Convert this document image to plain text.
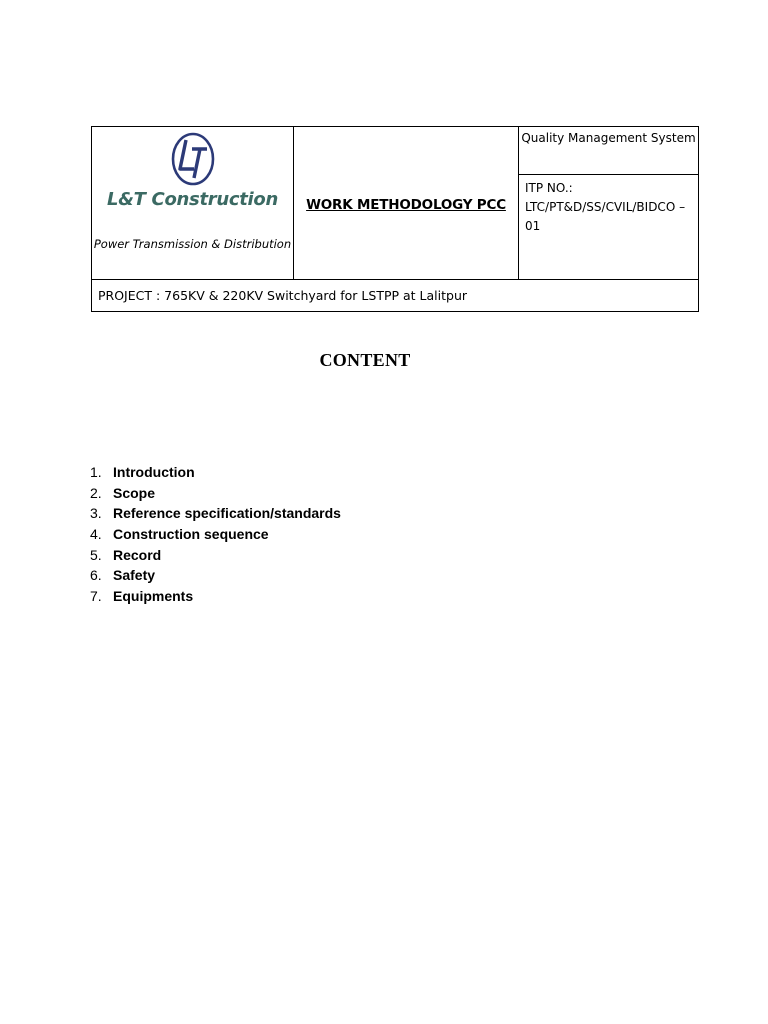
L&T Construction
Power Transmission & Distribution
	WORK METHODOLOGY PCC	Quality Management System
ITP NO.:
LTC/PT&D/SS/CVIL/BIDCO – 01
PROJECT : 765KV & 220KV Switchyard for LSTPP at Lalitpur
CONTENT
1. Introduction
2. Scope
3. Reference specification/standards
4. Construction sequence
5. Record
6. Safety
7. Equipments
